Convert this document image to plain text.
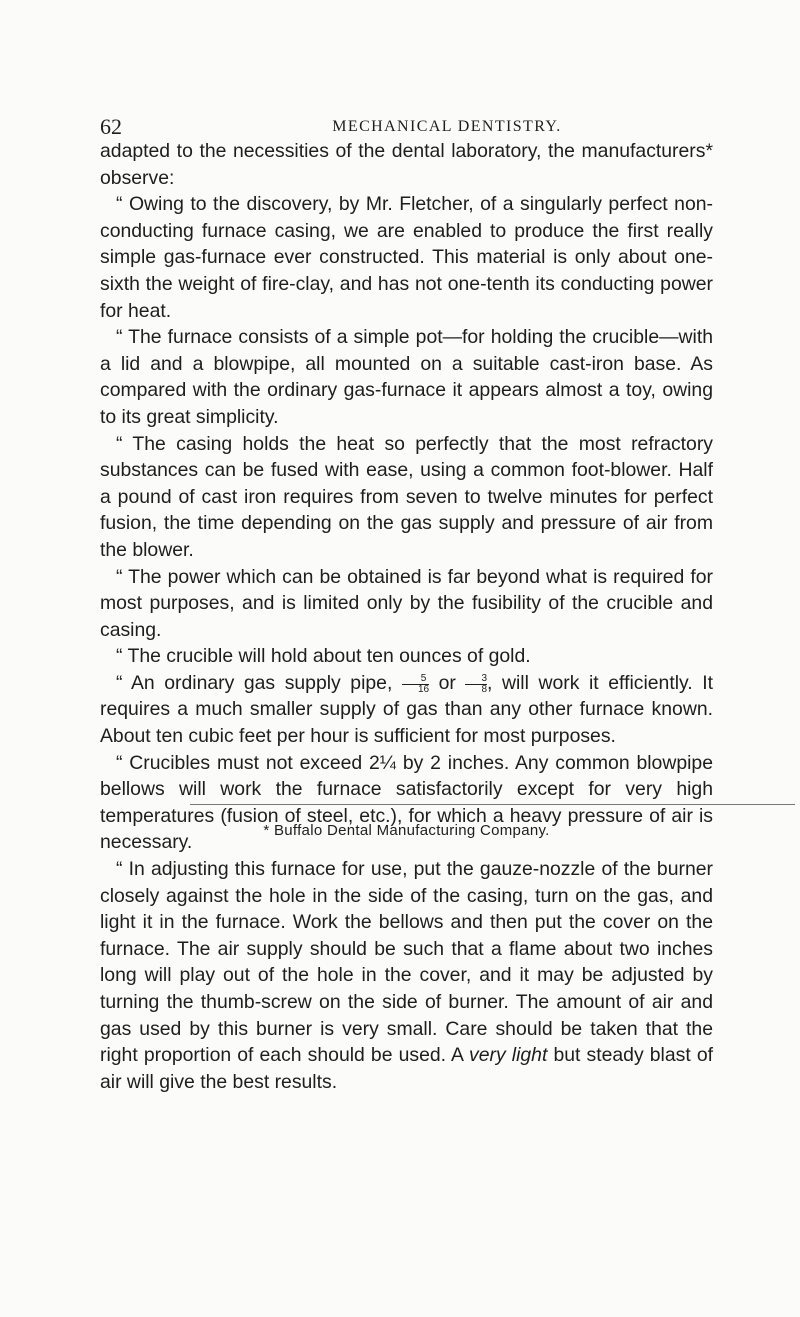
62	MECHANICAL DENTISTRY.

adapted to the necessities of the dental laboratory, the manufacturers* observe:

“ Owing to the discovery, by Mr. Fletcher, of a singularly perfect non-conducting furnace casing, we are enabled to produce the first really simple gas-furnace ever constructed. This material is only about one-sixth the weight of fire-clay, and has not one-tenth its conducting power for heat.

“ The furnace consists of a simple pot—for holding the crucible—with a lid and a blowpipe, all mounted on a suitable cast-iron base. As compared with the ordinary gas-furnace it appears almost a toy, owing to its great simplicity.

“ The casing holds the heat so perfectly that the most refractory substances can be fused with ease, using a common foot-blower. Half a pound of cast iron requires from seven to twelve minutes for perfect fusion, the time depending on the gas supply and pressure of air from the blower.

“ The power which can be obtained is far beyond what is required for most purposes, and is limited only by the fusibility of the crucible and casing.

“ The crucible will hold about ten ounces of gold.

“ An ordinary gas supply pipe, $\frac{5}{16}$ or $\frac{3}{8}$ , will work it efficiently. It requires a much smaller supply of gas than any other furnace known. About ten cubic feet per hour is sufficient for most purposes.

“ Crucibles must not exceed 2¼ by 2 inches. Any common blowpipe bellows will work the furnace satisfactorily except for very high temperatures (fusion of steel, etc.), for which a heavy pressure of air is necessary.

“ In adjusting this furnace for use, put the gauze-nozzle of the burner closely against the hole in the side of the casing, turn on the gas, and light it in the furnace. Work the bellows and then put the cover on the furnace. The air supply should be such that a flame about two inches long will play out of the hole in the cover, and it may be adjusted by turning the thumb-screw on the side of burner. The amount of air and gas used by this burner is very small. Care should be taken that the right proportion of each should be used. A very light but steady blast of air will give the best results.

* Buffalo Dental Manufacturing Company.
